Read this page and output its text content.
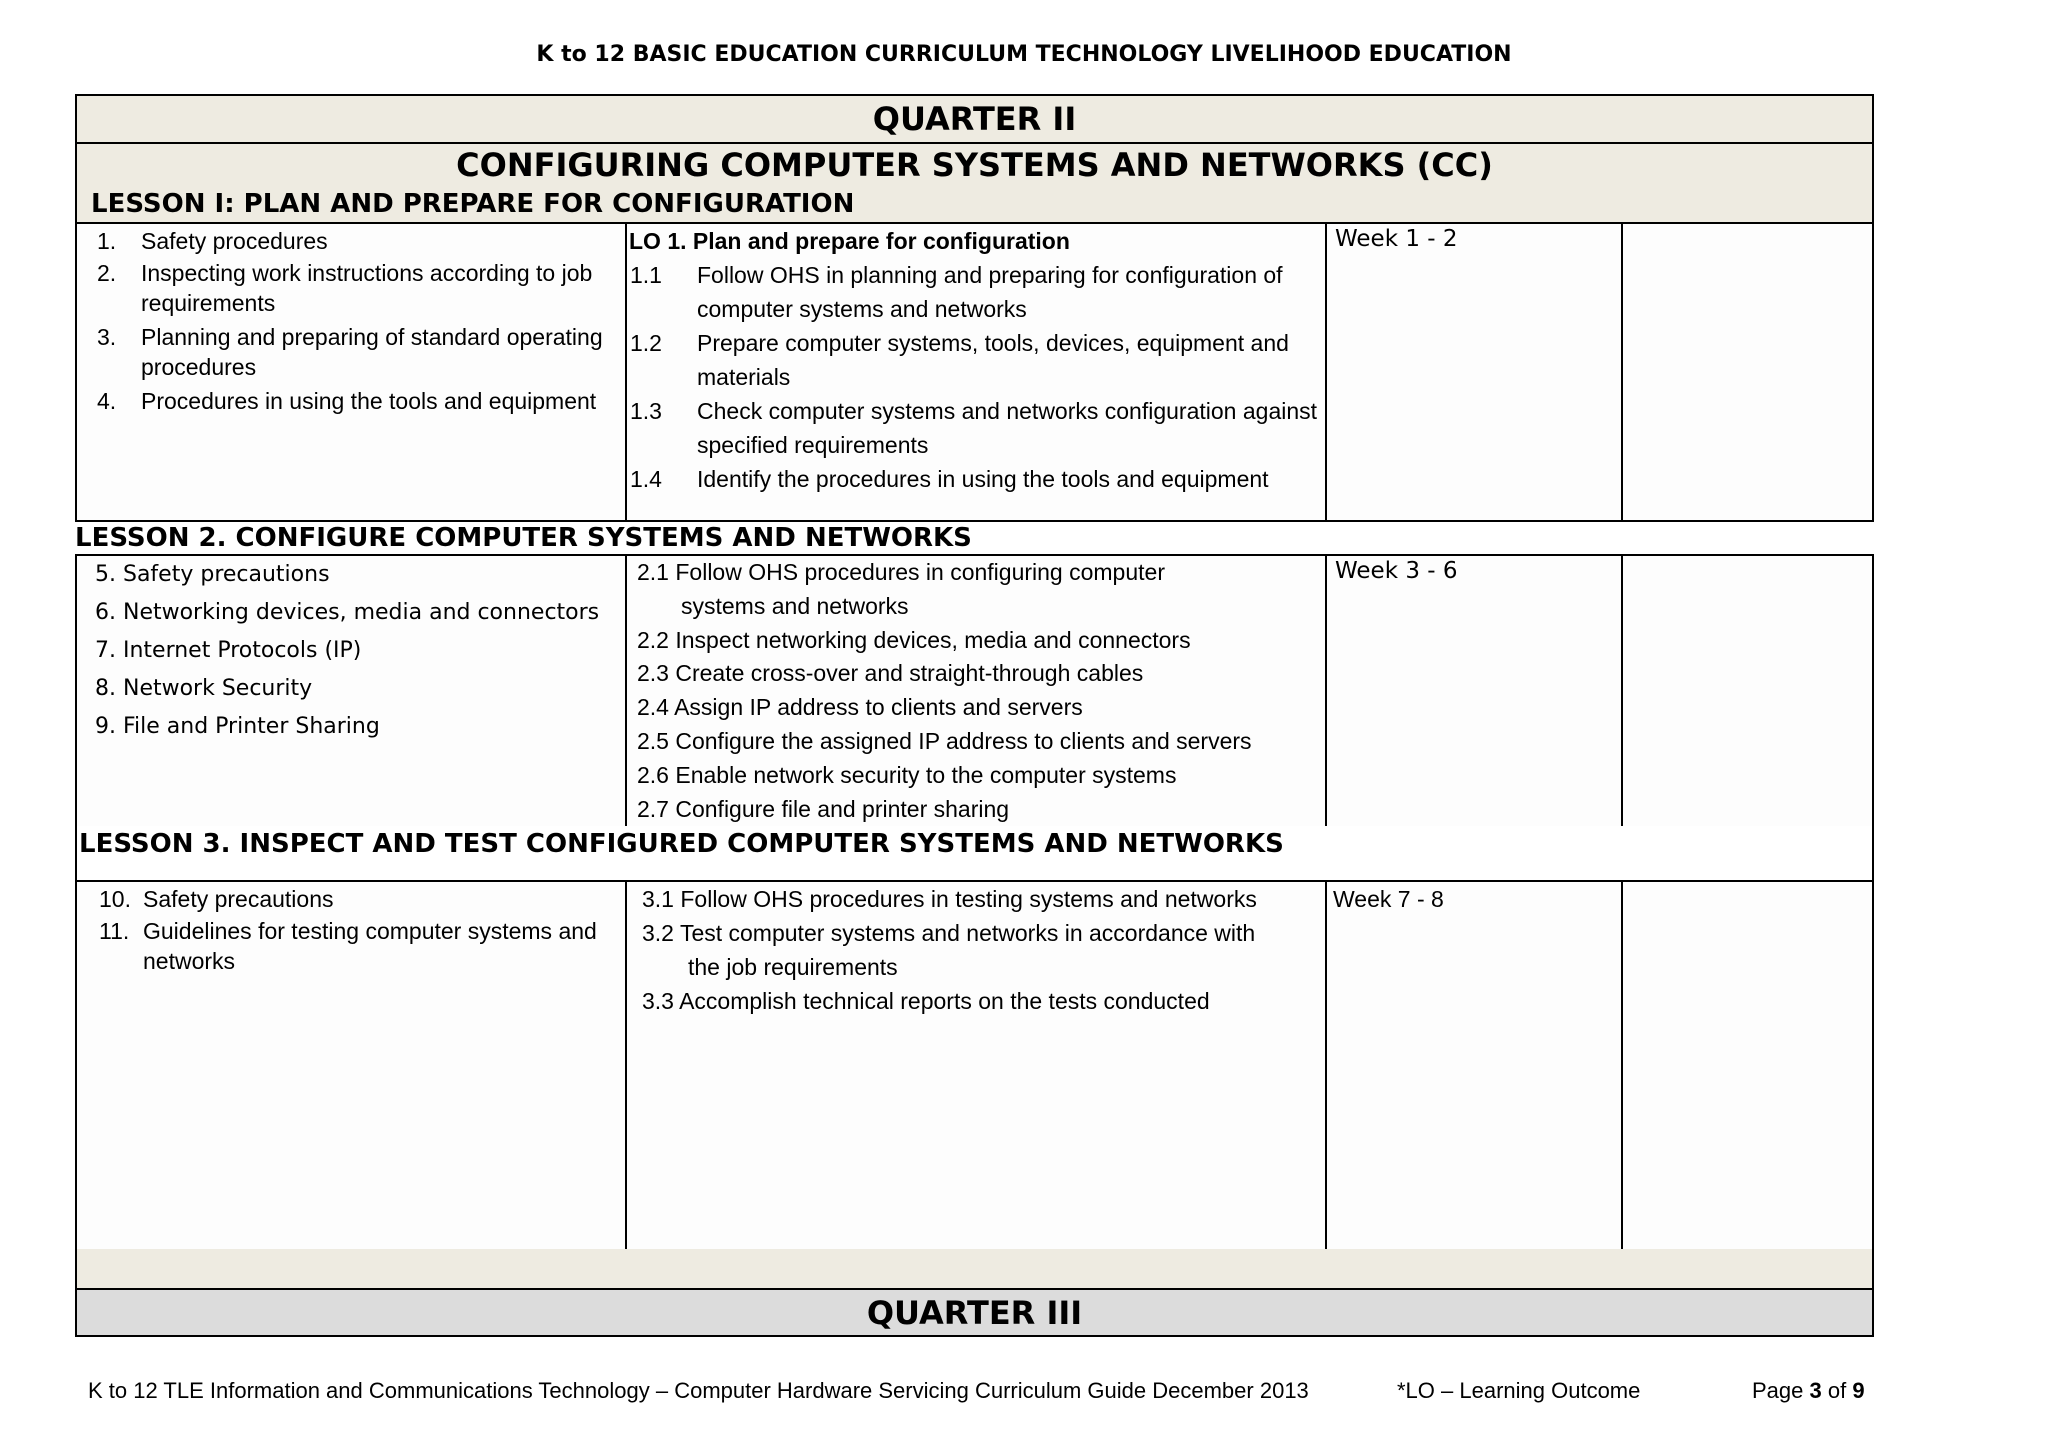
K to 12 BASIC EDUCATION CURRICULUM TECHNOLOGY LIVELIHOOD EDUCATION
QUARTER II
CONFIGURING COMPUTER SYSTEMS AND NETWORKS (CC)
LESSON I: PLAN AND PREPARE FOR CONFIGURATION
1. Safety procedures
2. Inspecting work instructions according to job requirements
3. Planning and preparing of standard operating procedures
4. Procedures in using the tools and equipment
LO 1. Plan and prepare for configuration
1.1 Follow OHS in planning and preparing for configuration of computer systems and networks
1.2 Prepare computer systems, tools, devices, equipment and materials
1.3 Check computer systems and networks configuration against specified requirements
1.4 Identify the procedures in using the tools and equipment
Week 1 - 2
LESSON 2. CONFIGURE COMPUTER SYSTEMS AND NETWORKS
5. Safety precautions
6. Networking devices, media and connectors
7. Internet Protocols (IP)
8. Network Security
9. File and Printer Sharing
2.1 Follow OHS procedures in configuring computer
systems and networks
2.2 Inspect networking devices, media and connectors
2.3 Create cross-over and straight-through cables
2.4 Assign IP address to clients and servers
2.5 Configure the assigned IP address to clients and servers
2.6 Enable network security to the computer systems
2.7 Configure file and printer sharing
Week 3 - 6
LESSON 3. INSPECT AND TEST CONFIGURED COMPUTER SYSTEMS AND NETWORKS
10. Safety precautions
11. Guidelines for testing computer systems and networks
3.1 Follow OHS procedures in testing systems and networks
3.2 Test computer systems and networks in accordance with
the job requirements
3.3 Accomplish technical reports on the tests conducted
Week 7 - 8
QUARTER III
K to 12 TLE Information and Communications Technology – Computer Hardware Servicing Curriculum Guide December 2013	*LO – Learning Outcome	Page 3 of 9
